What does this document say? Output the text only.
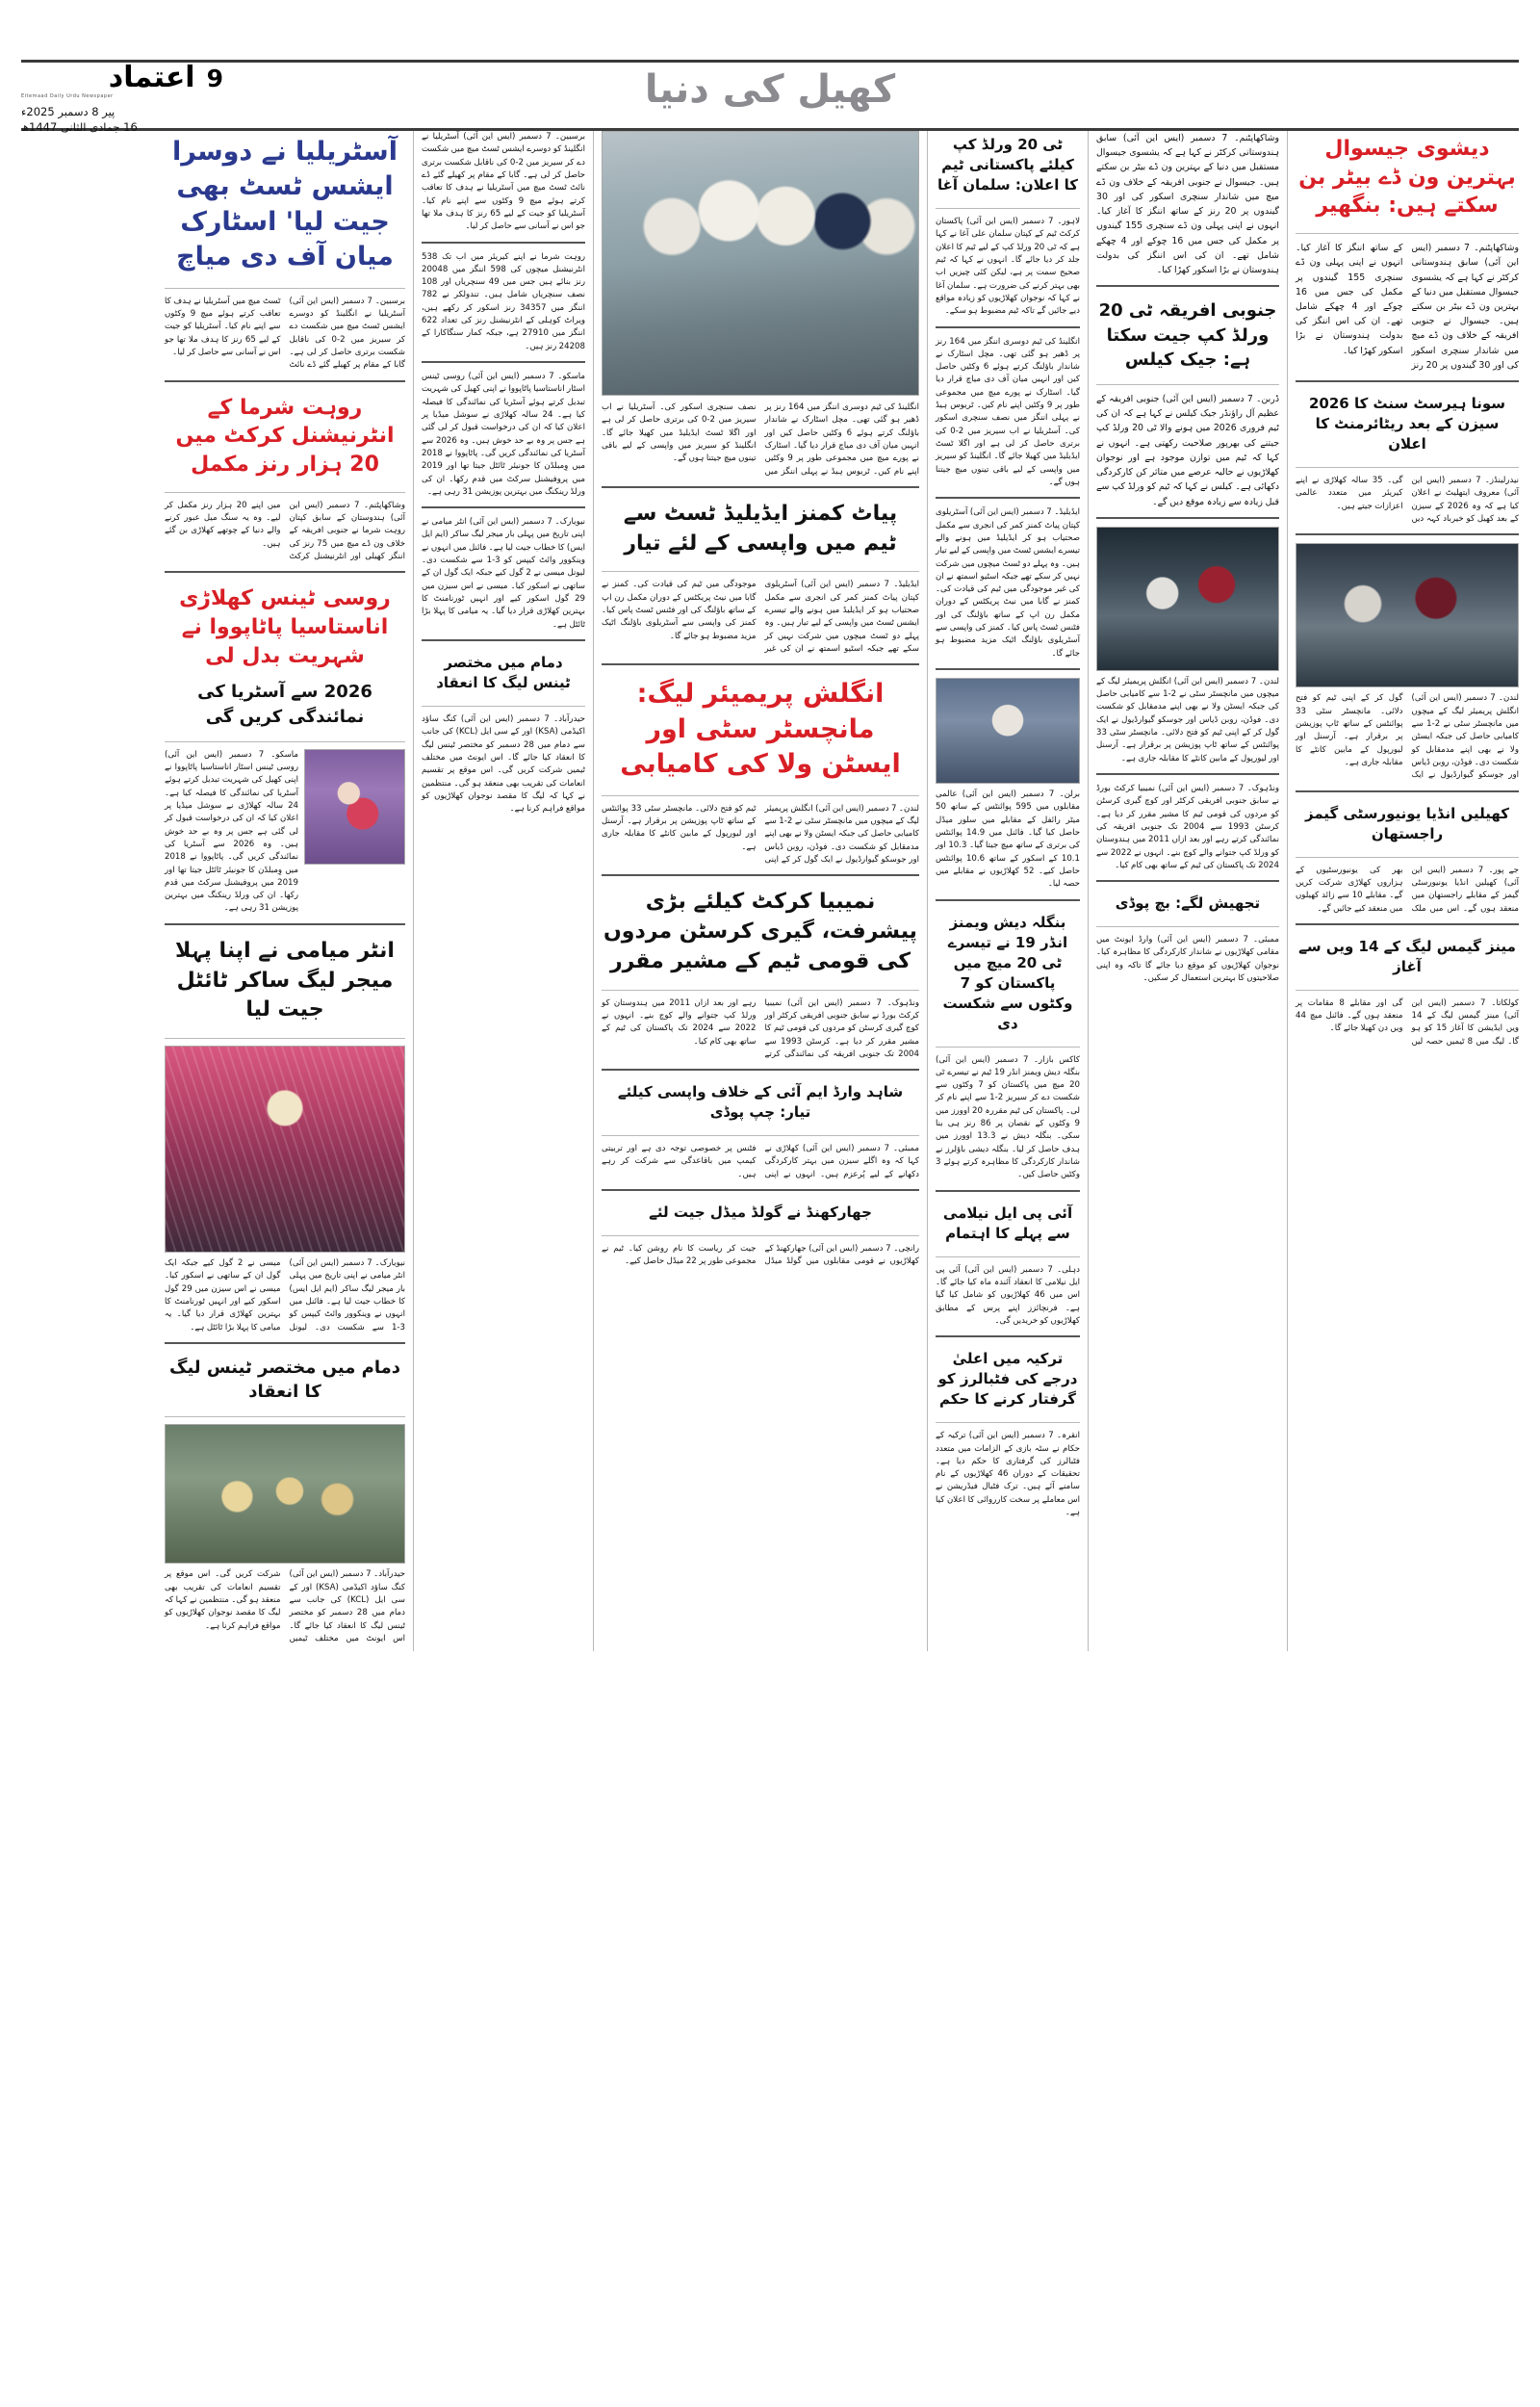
9
اعتماد
Eitemaad Daily Urdu Newspaper
پیر 8 دسمبر 2025ء
16 جمادی الثانی 1447ھ
کھیل کی دنیا
دیشوی جیسوال بہترین ون ڈے بیٹر بن سکتے ہیں: بنگھیر
وشاکھاپٹنم۔ 7 دسمبر (ایس این آئی) سابق ہندوستانی کرکٹر نے کہا ہے کہ یشسوی جیسوال مستقبل میں دنیا کے بہترین ون ڈے بیٹر بن سکتے ہیں۔ جیسوال نے جنوبی افریقہ کے خلاف ون ڈے میچ میں شاندار سنچری اسکور کی اور 30 گیندوں پر 20 رنز کے ساتھ اننگز کا آغاز کیا۔ انہوں نے اپنی پہلی ون ڈے سنچری 155 گیندوں پر مکمل کی جس میں 16 چوکے اور 4 چھکے شامل تھے۔ ان کی اس اننگز کی بدولت ہندوستان نے بڑا اسکور کھڑا کیا۔
سونا ہیرسٹ سنٹ کا 2026 سیزن کے بعد ریٹائرمنٹ کا اعلان
نیدرلینڈز۔ 7 دسمبر (ایس این آئی) معروف ایتھلیٹ نے اعلان کیا ہے کہ وہ 2026 کے سیزن کے بعد کھیل کو خیرباد کہہ دیں گی۔ 35 سالہ کھلاڑی نے اپنے کیریئر میں متعدد عالمی اعزازات جیتے ہیں۔
لندن۔ 7 دسمبر (ایس این آئی) انگلش پریمیئر لیگ کے میچوں میں مانچسٹر سٹی نے 2-1 سے کامیابی حاصل کی جبکہ ایسٹن ولا نے بھی اپنے مدمقابل کو شکست دی۔ فوڈن، روبن ڈیاس اور جوسکو گیوارڈیول نے ایک گول کر کے اپنی ٹیم کو فتح دلائی۔ مانچسٹر سٹی 33 پوائنٹس کے ساتھ ٹاپ پوزیشن پر برقرار ہے۔ آرسنل اور لیورپول کے مابین کانٹے کا مقابلہ جاری ہے۔
کھیلیں انڈیا یونیورسٹی گیمز راجستھان
جے پور۔ 7 دسمبر (ایس این آئی) کھیلیں انڈیا یونیورسٹی گیمز کے مقابلے راجستھان میں منعقد ہوں گے۔ اس میں ملک بھر کی یونیورسٹیوں کے ہزاروں کھلاڑی شرکت کریں گے۔ مقابلے 10 سے زائد کھیلوں میں منعقد کیے جائیں گے۔
مینز گیمس لیگ کے 14 ویں سے آغاز
کولکاتا۔ 7 دسمبر (ایس این آئی) مینز گیمس لیگ کے 14 ویں ایڈیشن کا آغاز 15 کو ہو گا۔ لیگ میں 8 ٹیمیں حصہ لیں گی اور مقابلے 8 مقامات پر منعقد ہوں گے۔ فائنل میچ 44 ویں دن کھیلا جائے گا۔
وشاکھاپٹنم۔ 7 دسمبر (ایس این آئی) سابق ہندوستانی کرکٹر نے کہا ہے کہ یشسوی جیسوال مستقبل میں دنیا کے بہترین ون ڈے بیٹر بن سکتے ہیں۔ جیسوال نے جنوبی افریقہ کے خلاف ون ڈے میچ میں شاندار سنچری اسکور کی اور 30 گیندوں پر 20 رنز کے ساتھ اننگز کا آغاز کیا۔ انہوں نے اپنی پہلی ون ڈے سنچری 155 گیندوں پر مکمل کی جس میں 16 چوکے اور 4 چھکے شامل تھے۔ ان کی اس اننگز کی بدولت ہندوستان نے بڑا اسکور کھڑا کیا۔
جنوبی افریقہ ٹی 20 ورلڈ کپ جیت سکتا ہے: جیک کیلس
ڈربن۔ 7 دسمبر (ایس این آئی) جنوبی افریقہ کے عظیم آل راؤنڈر جیک کیلس نے کہا ہے کہ ان کی ٹیم فروری 2026 میں ہونے والا ٹی 20 ورلڈ کپ جیتنے کی بھرپور صلاحیت رکھتی ہے۔ انہوں نے کہا کہ ٹیم میں توازن موجود ہے اور نوجوان کھلاڑیوں نے حالیہ عرصے میں متاثر کن کارکردگی دکھائی ہے۔ کیلس نے کہا کہ ٹیم کو ورلڈ کپ سے قبل زیادہ سے زیادہ موقع دیں گے۔
لندن۔ 7 دسمبر (ایس این آئی) انگلش پریمیئر لیگ کے میچوں میں مانچسٹر سٹی نے 2-1 سے کامیابی حاصل کی جبکہ ایسٹن ولا نے بھی اپنے مدمقابل کو شکست دی۔ فوڈن، روبن ڈیاس اور جوسکو گیوارڈیول نے ایک گول کر کے اپنی ٹیم کو فتح دلائی۔ مانچسٹر سٹی 33 پوائنٹس کے ساتھ ٹاپ پوزیشن پر برقرار ہے۔ آرسنل اور لیورپول کے مابین کانٹے کا مقابلہ جاری ہے۔
ونڈہوک۔ 7 دسمبر (ایس این آئی) نمیبیا کرکٹ بورڈ نے سابق جنوبی افریقی کرکٹر اور کوچ گیری کرسٹن کو مردوں کی قومی ٹیم کا مشیر مقرر کر دیا ہے۔ کرسٹن 1993 سے 2004 تک جنوبی افریقہ کی نمائندگی کرتے رہے اور بعد ازاں 2011 میں ہندوستان کو ورلڈ کپ جتوانے والے کوچ بنے۔ انہوں نے 2022 سے 2024 تک پاکستان کی ٹیم کے ساتھ بھی کام کیا۔
تجھیش لگے: بچ پوڈی
ممبئی۔ 7 دسمبر (ایس این آئی) وارڈ ایونٹ میں مقامی کھلاڑیوں نے شاندار کارکردگی کا مظاہرہ کیا۔ نوجوان کھلاڑیوں کو موقع دیا جائے گا تاکہ وہ اپنی صلاحیتوں کا بہترین استعمال کر سکیں۔
ٹی 20 ورلڈ کپ کیلئے پاکستانی ٹیم کا اعلان: سلمان آغا
لاہور۔ 7 دسمبر (ایس این آئی) پاکستان کرکٹ ٹیم کے کپتان سلمان علی آغا نے کہا ہے کہ ٹی 20 ورلڈ کپ کے لیے ٹیم کا اعلان جلد کر دیا جائے گا۔ انہوں نے کہا کہ ٹیم صحیح سمت پر ہے، لیکن کئی چیزیں اب بھی بہتر کرنے کی ضرورت ہے۔ سلمان آغا نے کہا کہ نوجوان کھلاڑیوں کو زیادہ مواقع دیے جائیں گے تاکہ ٹیم مضبوط ہو سکے۔
انگلینڈ کی ٹیم دوسری اننگز میں 164 رنز پر ڈھیر ہو گئی تھی۔ مچل اسٹارک نے شاندار باؤلنگ کرتے ہوئے 6 وکٹیں حاصل کیں اور انہیں میان آف دی میاچ قرار دیا گیا۔ اسٹارک نے پورے میچ میں مجموعی طور پر 9 وکٹیں اپنے نام کیں۔ ٹریوس ہیڈ نے پہلی اننگز میں نصف سنچری اسکور کی۔ آسٹریلیا نے اب سیریز میں 2-0 کی برتری حاصل کر لی ہے اور اگلا ٹسٹ ایڈیلیڈ میں کھیلا جائے گا۔ انگلینڈ کو سیریز میں واپسی کے لیے باقی تینوں میچ جیتنا ہوں گے۔
ایڈیلیڈ۔ 7 دسمبر (ایس این آئی) آسٹریلوی کپتان پیاٹ کمنز کمر کی انجری سے مکمل صحتیاب ہو کر ایڈیلیڈ میں ہونے والے تیسرے ایشس ٹسٹ میں واپسی کے لیے تیار ہیں۔ وہ پہلے دو ٹسٹ میچوں میں شرکت نہیں کر سکے تھے جبکہ اسٹیو اسمتھ نے ان کی غیر موجودگی میں ٹیم کی قیادت کی۔ کمنز نے گابا میں نیٹ پریکٹس کے دوران مکمل رن اپ کے ساتھ باؤلنگ کی اور فٹنس ٹسٹ پاس کیا۔ کمنز کی واپسی سے آسٹریلوی باؤلنگ اٹیک مزید مضبوط ہو جائے گا۔
برلن۔ 7 دسمبر (ایس این آئی) عالمی مقابلوں میں 595 پوائنٹس کے ساتھ 50 میٹر رائفل کے مقابلے میں سلور میڈل حاصل کیا گیا۔ فائنل میں 14.9 پوائنٹس کی برتری کے ساتھ میچ جیتا گیا۔ 10.3 اور 10.1 کے اسکور کے ساتھ 10.6 پوائنٹس حاصل کیے۔ 52 کھلاڑیوں نے مقابلے میں حصہ لیا۔
بنگلہ دیش ویمنز انڈر 19 نے تیسرے ٹی 20 میچ میں پاکستان کو 7 وکٹوں سے شکست دی
کاکس بازار۔ 7 دسمبر (ایس این آئی) بنگلہ دیش ویمنز انڈر 19 ٹیم نے تیسرے ٹی 20 میچ میں پاکستان کو 7 وکٹوں سے شکست دے کر سیریز 2-1 سے اپنے نام کر لی۔ پاکستان کی ٹیم مقررہ 20 اوورز میں 9 وکٹوں کے نقصان پر 86 رنز ہی بنا سکی۔ بنگلہ دیش نے 13.3 اوورز میں ہدف حاصل کر لیا۔ بنگلہ دیشی باؤلرز نے شاندار کارکردگی کا مظاہرہ کرتے ہوئے 3 وکٹیں حاصل کیں۔
آئی پی ایل نیلامی سے پہلے کا اہتمام
دہلی۔ 7 دسمبر (ایس این آئی) آئی پی ایل نیلامی کا انعقاد آئندہ ماہ کیا جائے گا۔ اس میں 46 کھلاڑیوں کو شامل کیا گیا ہے۔ فرنچائزز اپنے پرس کے مطابق کھلاڑیوں کو خریدیں گی۔
ترکیہ میں اعلیٰ درجے کی فٹبالرز کو گرفتار کرنے کا حکم
انقرہ۔ 7 دسمبر (ایس این آئی) ترکیہ کے حکام نے سٹہ بازی کے الزامات میں متعدد فٹبالرز کی گرفتاری کا حکم دیا ہے۔ تحقیقات کے دوران 46 کھلاڑیوں کے نام سامنے آئے ہیں۔ ترک فٹبال فیڈریشن نے اس معاملے پر سخت کارروائی کا اعلان کیا ہے۔
انگلینڈ کی ٹیم دوسری اننگز میں 164 رنز پر ڈھیر ہو گئی تھی۔ مچل اسٹارک نے شاندار باؤلنگ کرتے ہوئے 6 وکٹیں حاصل کیں اور انہیں میان آف دی میاچ قرار دیا گیا۔ اسٹارک نے پورے میچ میں مجموعی طور پر 9 وکٹیں اپنے نام کیں۔ ٹریوس ہیڈ نے پہلی اننگز میں نصف سنچری اسکور کی۔ آسٹریلیا نے اب سیریز میں 2-0 کی برتری حاصل کر لی ہے اور اگلا ٹسٹ ایڈیلیڈ میں کھیلا جائے گا۔ انگلینڈ کو سیریز میں واپسی کے لیے باقی تینوں میچ جیتنا ہوں گے۔
پیاٹ کمنز ایڈیلیڈ ٹسٹ سے ٹیم میں واپسی کے لئے تیار
ایڈیلیڈ۔ 7 دسمبر (ایس این آئی) آسٹریلوی کپتان پیاٹ کمنز کمر کی انجری سے مکمل صحتیاب ہو کر ایڈیلیڈ میں ہونے والے تیسرے ایشس ٹسٹ میں واپسی کے لیے تیار ہیں۔ وہ پہلے دو ٹسٹ میچوں میں شرکت نہیں کر سکے تھے جبکہ اسٹیو اسمتھ نے ان کی غیر موجودگی میں ٹیم کی قیادت کی۔ کمنز نے گابا میں نیٹ پریکٹس کے دوران مکمل رن اپ کے ساتھ باؤلنگ کی اور فٹنس ٹسٹ پاس کیا۔ کمنز کی واپسی سے آسٹریلوی باؤلنگ اٹیک مزید مضبوط ہو جائے گا۔
انگلش پریمیئر لیگ: مانچسٹر سٹی اور ایسٹن ولا کی کامیابی
لندن۔ 7 دسمبر (ایس این آئی) انگلش پریمیئر لیگ کے میچوں میں مانچسٹر سٹی نے 2-1 سے کامیابی حاصل کی جبکہ ایسٹن ولا نے بھی اپنے مدمقابل کو شکست دی۔ فوڈن، روبن ڈیاس اور جوسکو گیوارڈیول نے ایک گول کر کے اپنی ٹیم کو فتح دلائی۔ مانچسٹر سٹی 33 پوائنٹس کے ساتھ ٹاپ پوزیشن پر برقرار ہے۔ آرسنل اور لیورپول کے مابین کانٹے کا مقابلہ جاری ہے۔
نمیبیا کرکٹ کیلئے بڑی پیشرفت، گیری کرسٹن مردوں کی قومی ٹیم کے مشیر مقرر
ونڈہوک۔ 7 دسمبر (ایس این آئی) نمیبیا کرکٹ بورڈ نے سابق جنوبی افریقی کرکٹر اور کوچ گیری کرسٹن کو مردوں کی قومی ٹیم کا مشیر مقرر کر دیا ہے۔ کرسٹن 1993 سے 2004 تک جنوبی افریقہ کی نمائندگی کرتے رہے اور بعد ازاں 2011 میں ہندوستان کو ورلڈ کپ جتوانے والے کوچ بنے۔ انہوں نے 2022 سے 2024 تک پاکستان کی ٹیم کے ساتھ بھی کام کیا۔
شاہد وارڈ ایم آئی کے خلاف واپسی کیلئے تیار: چپ پوڈی
ممبئی۔ 7 دسمبر (ایس این آئی) کھلاڑی نے کہا کہ وہ اگلے سیزن میں بہتر کارکردگی دکھانے کے لیے پُرعزم ہیں۔ انہوں نے اپنی فٹنس پر خصوصی توجہ دی ہے اور تربیتی کیمپ میں باقاعدگی سے شرکت کر رہے ہیں۔
جھارکھنڈ نے گولڈ میڈل جیت لئے
رانچی۔ 7 دسمبر (ایس این آئی) جھارکھنڈ کے کھلاڑیوں نے قومی مقابلوں میں گولڈ میڈل جیت کر ریاست کا نام روشن کیا۔ ٹیم نے مجموعی طور پر 22 میڈل حاصل کیے۔
برسبین۔ 7 دسمبر (ایس این آئی) آسٹریلیا نے انگلینڈ کو دوسرے ایشس ٹسٹ میچ میں شکست دے کر سیریز میں 2-0 کی ناقابل شکست برتری حاصل کر لی ہے۔ گابا کے مقام پر کھیلے گئے ڈے نائٹ ٹسٹ میچ میں آسٹریلیا نے ہدف کا تعاقب کرتے ہوئے میچ 9 وکٹوں سے اپنے نام کیا۔ آسٹریلیا کو جیت کے لیے 65 رنز کا ہدف ملا تھا جو اس نے آسانی سے حاصل کر لیا۔
روہت شرما نے اپنے کیریئر میں اب تک 538 انٹرنیشنل میچوں کی 598 اننگز میں 20048 رنز بنائے ہیں جس میں 49 سنچریاں اور 108 نصف سنچریاں شامل ہیں۔ تندولکر نے 782 اننگز میں 34357 رنز اسکور کر رکھے ہیں، ویراٹ کوہلی کے انٹرنیشنل رنز کی تعداد 622 اننگز میں 27910 ہے، جبکہ کمار سنگاکارا کے 24208 رنز ہیں۔
ماسکو۔ 7 دسمبر (ایس این آئی) روسی ٹینس اسٹار اناستاسیا پاٹاپووا نے اپنی کھیل کی شہریت تبدیل کرتے ہوئے آسٹریا کی نمائندگی کا فیصلہ کیا ہے۔ 24 سالہ کھلاڑی نے سوشل میڈیا پر اعلان کیا کہ ان کی درخواست قبول کر لی گئی ہے جس پر وہ بے حد خوش ہیں۔ وہ 2026 سے آسٹریا کی نمائندگی کریں گی۔ پاٹاپووا نے 2018 میں وِمبلڈن کا جونیئر ٹائٹل جیتا تھا اور 2019 میں پروفیشنل سرکٹ میں قدم رکھا۔ ان کی ورلڈ رینکنگ میں بہترین پوزیشن 31 رہی ہے۔
نیویارک۔ 7 دسمبر (ایس این آئی) انٹر میامی نے اپنی تاریخ میں پہلی بار میجر لیگ ساکر (ایم ایل ایس) کا خطاب جیت لیا ہے۔ فائنل میں انہوں نے وینکوور وائٹ کیپس کو 3-1 سے شکست دی۔ لیونل میسی نے 2 گول کیے جبکہ ایک گول ان کے ساتھی نے اسکور کیا۔ میسی نے اس سیزن میں 29 گول اسکور کیے اور انہیں ٹورنامنٹ کا بہترین کھلاڑی قرار دیا گیا۔ یہ میامی کا پہلا بڑا ٹائٹل ہے۔
دمام میں مختصر ٹینس لیگ کا انعقاد
حیدرآباد۔ 7 دسمبر (ایس این آئی) کنگ ساؤد اکیڈمی (KSA) اور کے سی ایل (KCL) کی جانب سے دمام میں 28 دسمبر کو مختصر ٹینس لیگ کا انعقاد کیا جائے گا۔ اس ایونٹ میں مختلف ٹیمیں شرکت کریں گی۔ اس موقع پر تقسیم انعامات کی تقریب بھی منعقد ہو گی۔ منتظمین نے کہا کہ لیگ کا مقصد نوجوان کھلاڑیوں کو مواقع فراہم کرنا ہے۔
آسٹریلیا نے دوسرا ایشس ٹسٹ بھی جیت لیا' اسٹارک میان آف دی میاچ
برسبین۔ 7 دسمبر (ایس این آئی) آسٹریلیا نے انگلینڈ کو دوسرے ایشس ٹسٹ میچ میں شکست دے کر سیریز میں 2-0 کی ناقابل شکست برتری حاصل کر لی ہے۔ گابا کے مقام پر کھیلے گئے ڈے نائٹ ٹسٹ میچ میں آسٹریلیا نے ہدف کا تعاقب کرتے ہوئے میچ 9 وکٹوں سے اپنے نام کیا۔ آسٹریلیا کو جیت کے لیے 65 رنز کا ہدف ملا تھا جو اس نے آسانی سے حاصل کر لیا۔
روہت شرما کے انٹرنیشنل کرکٹ میں 20 ہزار رنز مکمل
وشاکھاپٹنم۔ 7 دسمبر (ایس این آئی) ہندوستان کے سابق کپتان روہت شرما نے جنوبی افریقہ کے خلاف ون ڈے میچ میں 75 رنز کی اننگز کھیلی اور انٹرنیشنل کرکٹ میں اپنے 20 ہزار رنز مکمل کر لیے۔ وہ یہ سنگ میل عبور کرنے والے دنیا کے چوتھے کھلاڑی بن گئے ہیں۔
روسی ٹینس کھلاڑی اناستاسیا پاٹاپووا نے شہریت بدل لی
2026 سے آسٹریا کی نمائندگی کریں گی
ماسکو۔ 7 دسمبر (ایس این آئی) روسی ٹینس اسٹار اناستاسیا پاٹاپووا نے اپنی کھیل کی شہریت تبدیل کرتے ہوئے آسٹریا کی نمائندگی کا فیصلہ کیا ہے۔ 24 سالہ کھلاڑی نے سوشل میڈیا پر اعلان کیا کہ ان کی درخواست قبول کر لی گئی ہے جس پر وہ بے حد خوش ہیں۔ وہ 2026 سے آسٹریا کی نمائندگی کریں گی۔ پاٹاپووا نے 2018 میں وِمبلڈن کا جونیئر ٹائٹل جیتا تھا اور 2019 میں پروفیشنل سرکٹ میں قدم رکھا۔ ان کی ورلڈ رینکنگ میں بہترین پوزیشن 31 رہی ہے۔
انٹر میامی نے اپنا پہلا میجر لیگ ساکر ٹائٹل جیت لیا
نیویارک۔ 7 دسمبر (ایس این آئی) انٹر میامی نے اپنی تاریخ میں پہلی بار میجر لیگ ساکر (ایم ایل ایس) کا خطاب جیت لیا ہے۔ فائنل میں انہوں نے وینکوور وائٹ کیپس کو 3-1 سے شکست دی۔ لیونل میسی نے 2 گول کیے جبکہ ایک گول ان کے ساتھی نے اسکور کیا۔ میسی نے اس سیزن میں 29 گول اسکور کیے اور انہیں ٹورنامنٹ کا بہترین کھلاڑی قرار دیا گیا۔ یہ میامی کا پہلا بڑا ٹائٹل ہے۔
دمام میں مختصر ٹینس لیگ کا انعقاد
حیدرآباد۔ 7 دسمبر (ایس این آئی) کنگ ساؤد اکیڈمی (KSA) اور کے سی ایل (KCL) کی جانب سے دمام میں 28 دسمبر کو مختصر ٹینس لیگ کا انعقاد کیا جائے گا۔ اس ایونٹ میں مختلف ٹیمیں شرکت کریں گی۔ اس موقع پر تقسیم انعامات کی تقریب بھی منعقد ہو گی۔ منتظمین نے کہا کہ لیگ کا مقصد نوجوان کھلاڑیوں کو مواقع فراہم کرنا ہے۔
